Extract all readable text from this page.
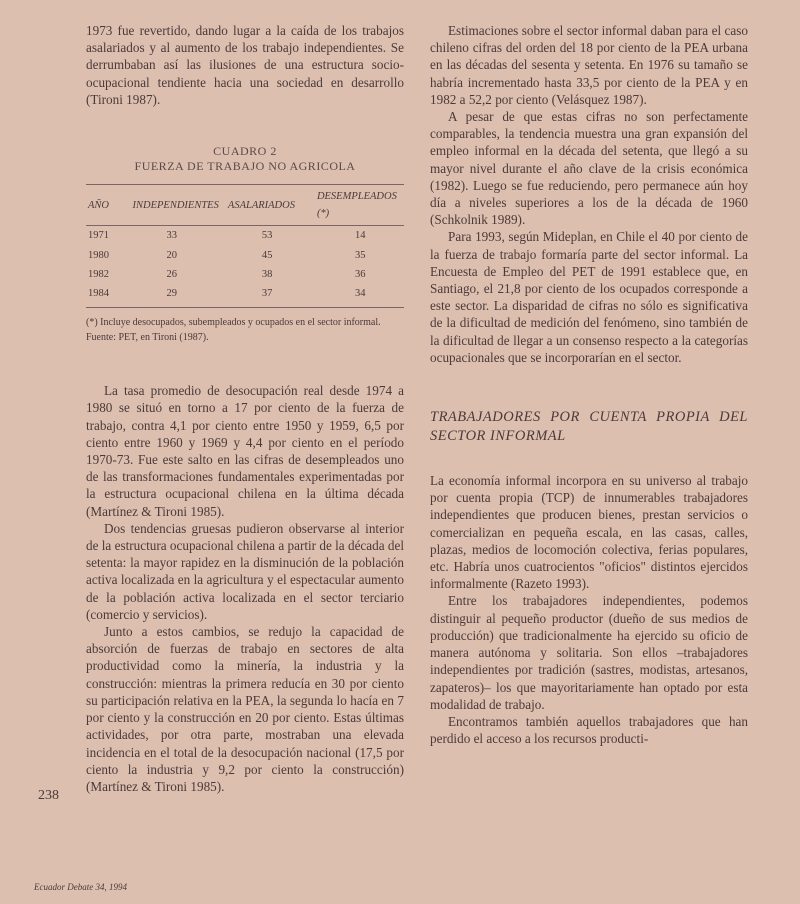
1973 fue revertido, dando lugar a la caída de los trabajos asalariados y al aumento de los trabajo independientes. Se derrumbaban así las ilusiones de una estructura socio-ocupacional tendiente hacia una sociedad en desarrollo (Tironi 1987).

CUADRO 2
FUERZA DE TRABAJO NO AGRICOLA
AÑO	INDEPENDIENTES	ASALARIADOS	DESEMPLEADOS (*)
1971	33	53	14
1980	20	45	35
1982	26	38	36
1984	29	37	34
(*) Incluye desocupados, subempleados y ocupados en el sector informal.
Fuente: PET, en Tironi (1987).

La tasa promedio de desocupación real desde 1974 a 1980 se situó en torno a 17 por ciento de la fuerza de trabajo, contra 4,1 por ciento entre 1950 y 1959, 6,5 por ciento entre 1960 y 1969 y 4,4 por ciento en el período 1970-73. Fue este salto en las cifras de desempleados uno de las transformaciones fundamentales experimentadas por la estructura ocupacional chilena en la última década (Martínez & Tironi 1985).

Dos tendencias gruesas pudieron observarse al interior de la estructura ocupacional chilena a partir de la década del setenta: la mayor rapidez en la disminución de la población activa localizada en la agricultura y el espectacular aumento de la población activa localizada en el sector terciario (comercio y servicios).

Junto a estos cambios, se redujo la capacidad de absorción de fuerzas de trabajo en sectores de alta productividad como la minería, la industria y la construcción: mientras la primera reducía en 30 por ciento su participación relativa en la PEA, la segunda lo hacía en 7 por ciento y la construcción en 20 por ciento. Estas últimas actividades, por otra parte, mostraban una elevada incidencia en el total de la desocupación nacional (17,5 por ciento la industria y 9,2 por ciento la construcción) (Martínez & Tironi 1985).

Estimaciones sobre el sector informal daban para el caso chileno cifras del orden del 18 por ciento de la PEA urbana en las décadas del sesenta y setenta. En 1976 su tamaño se habría incrementado hasta 33,5 por ciento de la PEA y en 1982 a 52,2 por ciento (Velásquez 1987).

A pesar de que estas cifras no son perfectamente comparables, la tendencia muestra una gran expansión del empleo informal en la década del setenta, que llegó a su mayor nivel durante el año clave de la crisis económica (1982). Luego se fue reduciendo, pero permanece aún hoy día a niveles superiores a los de la década de 1960 (Schkolnik 1989).

Para 1993, según Mideplan, en Chile el 40 por ciento de la fuerza de trabajo formaría parte del sector informal. La Encuesta de Empleo del PET de 1991 establece que, en Santiago, el 21,8 por ciento de los ocupados corresponde a este sector. La disparidad de cifras no sólo es significativa de la dificultad de medición del fenómeno, sino también de la dificultad de llegar a un consenso respecto a la categorías ocupacionales que se incorporarían en el sector.

TRABAJADORES POR CUENTA PROPIA DEL SECTOR INFORMAL

La economía informal incorpora en su universo al trabajo por cuenta propia (TCP) de innumerables trabajadores independientes que producen bienes, prestan servicios o comercializan en pequeña escala, en las casas, calles, plazas, medios de locomoción colectiva, ferias populares, etc. Habría unos cuatrocientos "oficios" distintos ejercidos informalmente (Razeto 1993).

Entre los trabajadores independientes, podemos distinguir al pequeño productor (dueño de sus medios de producción) que tradicionalmente ha ejercido su oficio de manera autónoma y solitaria. Son ellos –trabajadores independientes por tradición (sastres, modistas, artesanos, zapateros)– los que mayoritariamente han optado por esta modalidad de trabajo.

Encontramos también aquellos trabajadores que han perdido el acceso a los recursos producti-

238
Ecuador Debate 34, 1994
